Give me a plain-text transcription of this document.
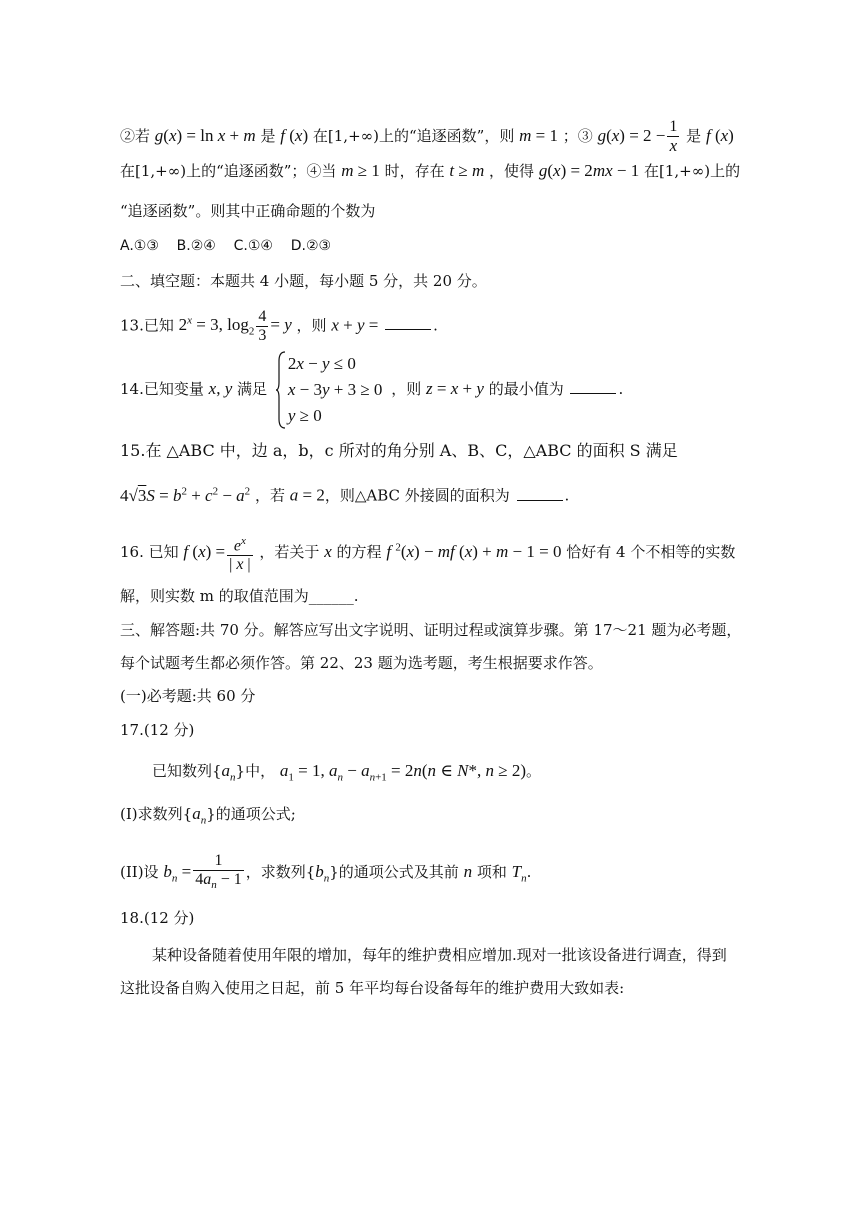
②若 g(x) = ln x + m 是 f (x) 在[1,+∞)上的“追逐函数”，则 m = 1 ；③ $g(x) = 2 - \frac{1}{x}$ 是 f (x)
在[1,+∞)上的“追逐函数”；④当 m ≥ 1 时，存在 t ≥ m ，使得 g(x) = 2mx − 1 在[1,+∞)上的
“追逐函数”。则其中正确命题的个数为
A.①③    B.②④    C.①④    D.②③
二、填空题：本题共 4 小题，每小题 5 分，共 20 分。
13.已知 $2^x = 3$, $\log_2 \frac{4}{3} = y$ ，则 x + y =	.
14.已知变量 x, y 满足
2x − y ≤ 0
x − 3y + 3 ≥ 0
y ≥ 0
，则 z = x + y 的最小值为	.
15.在 △ABC 中，边 a，b，c 所对的角分别 A、B、C，△ABC 的面积 S 满足
$4√3S = b^2 + c^2 - a^2$ ，若 a = 2，则△ABC 外接圆的面积为	.
16. 已知 f $(x) = \frac{e^x}{| x |}$ ，若关于 x 的方程 f $^2$(x) − mf (x) + m − 1 = 0 恰好有 4 个不相等的实数
解，则实数 m 的取值范围为______.
三、解答题:共 70 分。解答应写出文字说明、证明过程或演算步骤。第 17～21 题为必考题，
每个试题考生都必须作答。第 22、23 题为选考题，考生根据要求作答。
(一)必考题:共 60 分
17.(12 分)
已知数列$\{a_n\}$中， $a_1 = 1$, $a_n - a_{n+1} = 2n(n$ ∈ N*, n ≥ 2)。
(I)求数列$\{a_n\}$的通项公式;
(II)设 $b_n = \frac{1}{4a_n - 1}$ ，求数列$\{b_n\}$的通项公式及其前 n 项和 $T_n$.
18.(12 分)
某种设备随着使用年限的增加，每年的维护费相应增加.现对一批该设备进行调查，得到
这批设备自购入使用之日起，前 5 年平均每台设备每年的维护费用大致如表:
